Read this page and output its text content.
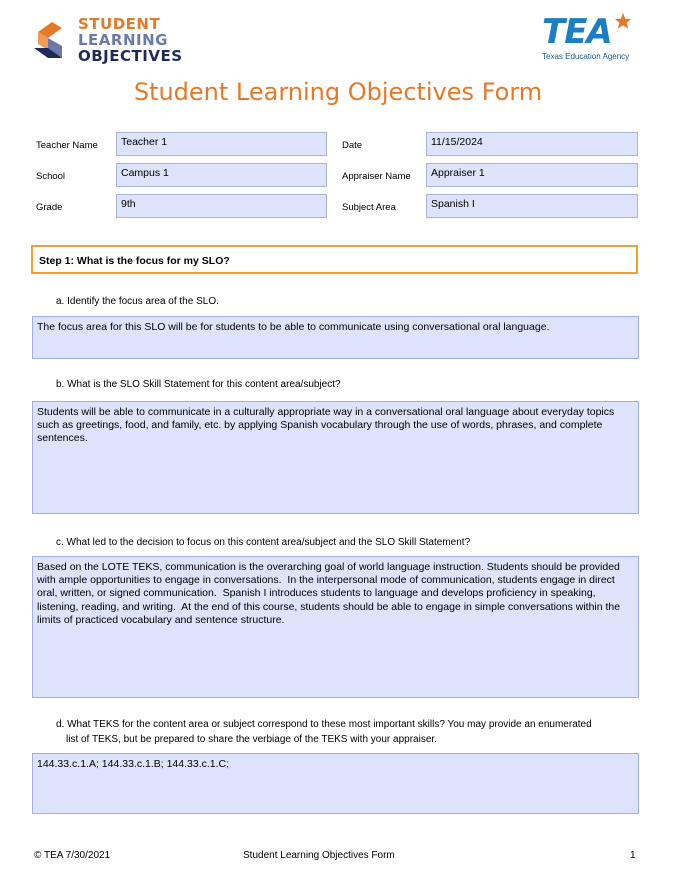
STUDENT
LEARNING
OBJECTIVES
TEA
Texas Education Agency
Student Learning Objectives Form
Teacher Name	Teacher 1	Date	11/15/2024
School	Campus 1	Appraiser Name	Appraiser 1
Grade	9th	Subject Area	Spanish I
Step 1: What is the focus for my SLO?
a. Identify the focus area of the SLO.
The focus area for this SLO will be for students to be able to communicate using conversational oral language.
b. What is the SLO Skill Statement for this content area/subject?
Students will be able to communicate in a culturally appropriate way in a conversational oral language about everyday topics such as greetings, food, and family, etc. by applying Spanish vocabulary through the use of words, phrases, and complete sentences.
c. What led to the decision to focus on this content area/subject and the SLO Skill Statement?
Based on the LOTE TEKS, communication is the overarching goal of world language instruction. Students should be provided with ample opportunities to engage in conversations.  In the interpersonal mode of communication, students engage in direct oral, written, or signed communication.  Spanish I introduces students to language and develops proficiency in speaking, listening, reading, and writing.  At the end of this course, students should be able to engage in simple conversations within the limits of practiced vocabulary and sentence structure.
d. What TEKS for the content area or subject correspond to these most important skills? You may provide an enumerated
list of TEKS, but be prepared to share the verbiage of the TEKS with your appraiser.
144.33.c.1.A; 144.33.c.1.B; 144.33.c.1.C;
© TEA 7/30/2021	Student Learning Objectives Form	1
